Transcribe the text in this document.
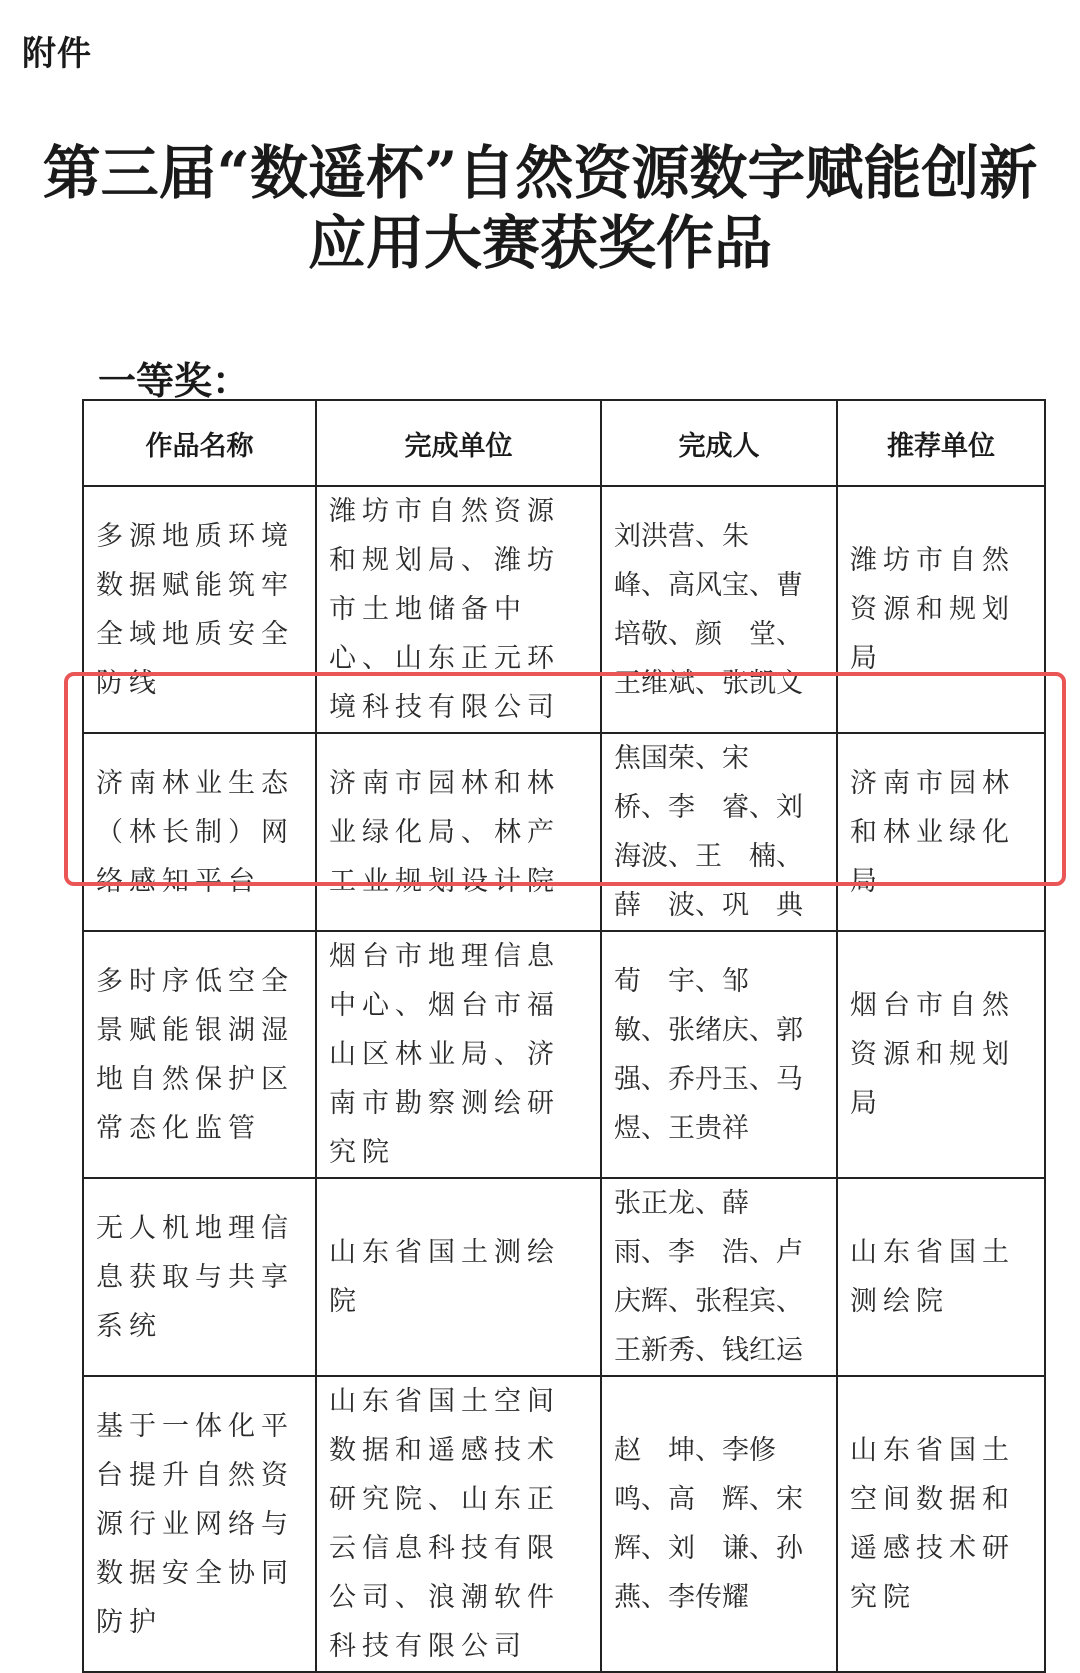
附件
第三届“数遥杯”自然资源数字赋能创新
应用大赛获奖作品
一等奖：
作品名称	完成单位	完成人	推荐单位
多源地质环境数据赋能筑牢全域地质安全防线	潍坊市自然资源和规划局、潍坊市土地储备中心、山东正元环境科技有限公司	刘洪营、朱　峰、高风宝、曹培敬、颜　堂、王维斌、张凯文	潍坊市自然资源和规划局
济南林业生态（林长制）网络感知平台	济南市园林和林业绿化局、林产工业规划设计院	焦国荣、宋　桥、李　睿、刘海波、王　楠、薛　波、巩　典	济南市园林和林业绿化局
多时序低空全景赋能银湖湿地自然保护区常态化监管	烟台市地理信息中心、烟台市福山区林业局、济南市勘察测绘研究院	荀　宇、邹　敏、张绪庆、郭　强、乔丹玉、马　煜、王贵祥	烟台市自然资源和规划局
无人机地理信息获取与共享系统	山东省国土测绘院	张正龙、薛　雨、李　浩、卢庆辉、张程宾、王新秀、钱红运	山东省国土测绘院
基于一体化平台提升自然资源行业网络与数据安全协同防护	山东省国土空间数据和遥感技术研究院、山东正云信息科技有限公司、浪潮软件科技有限公司	赵　坤、李修鸣、高　辉、宋　辉、刘　谦、孙　燕、李传耀	山东省国土空间数据和遥感技术研究院
